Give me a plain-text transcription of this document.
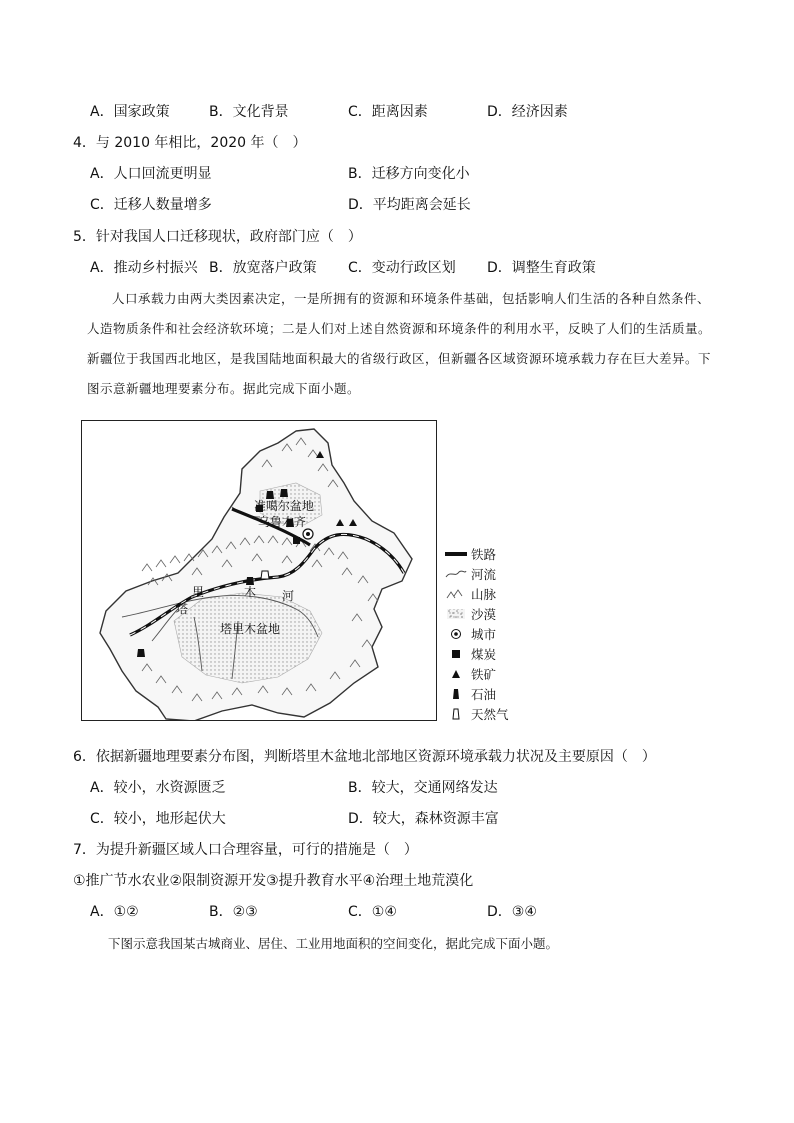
A．国家政策	B．文化背景	C．距离因素	D．经济因素
4．与 2010 年相比，2020 年（　）
A．人口回流更明显	B．迁移方向变化小
C．迁移人数量增多	D．平均距离会延长
5．针对我国人口迁移现状，政府部门应（　）
A．推动乡村振兴 B．放宽落户政策 C．变动行政区划 D．调整生育政策
人口承载力由两大类因素决定，一是所拥有的资源和环境条件基础，包括影响人们生活的各种自然条件、人造物质条件和社会经济软环境；二是人们对上述自然资源和环境条件的利用水平，反映了人们的生活质量。新疆位于我国西北地区，是我国陆地面积最大的省级行政区，但新疆各区域资源环境承载力存在巨大差异。下图示意新疆地理要素分布。据此完成下面小题。
准噶尔盆地
乌鲁木齐
塔
里	木 河
塔里木盆地
铁路
河流
山脉
沙漠
城市
煤炭
铁矿
石油
天然气
6．依据新疆地理要素分布图，判断塔里木盆地北部地区资源环境承载力状况及主要原因（　）
A．较小，水资源匮乏	B．较大，交通网络发达
C．较小，地形起伏大	D．较大，森林资源丰富
7．为提升新疆区域人口合理容量，可行的措施是（　）
①推广节水农业②限制资源开发③提升教育水平④治理土地荒漠化
A．①②	B．②③	C．①④	D．③④
下图示意我国某古城商业、居住、工业用地面积的空间变化，据此完成下面小题。
